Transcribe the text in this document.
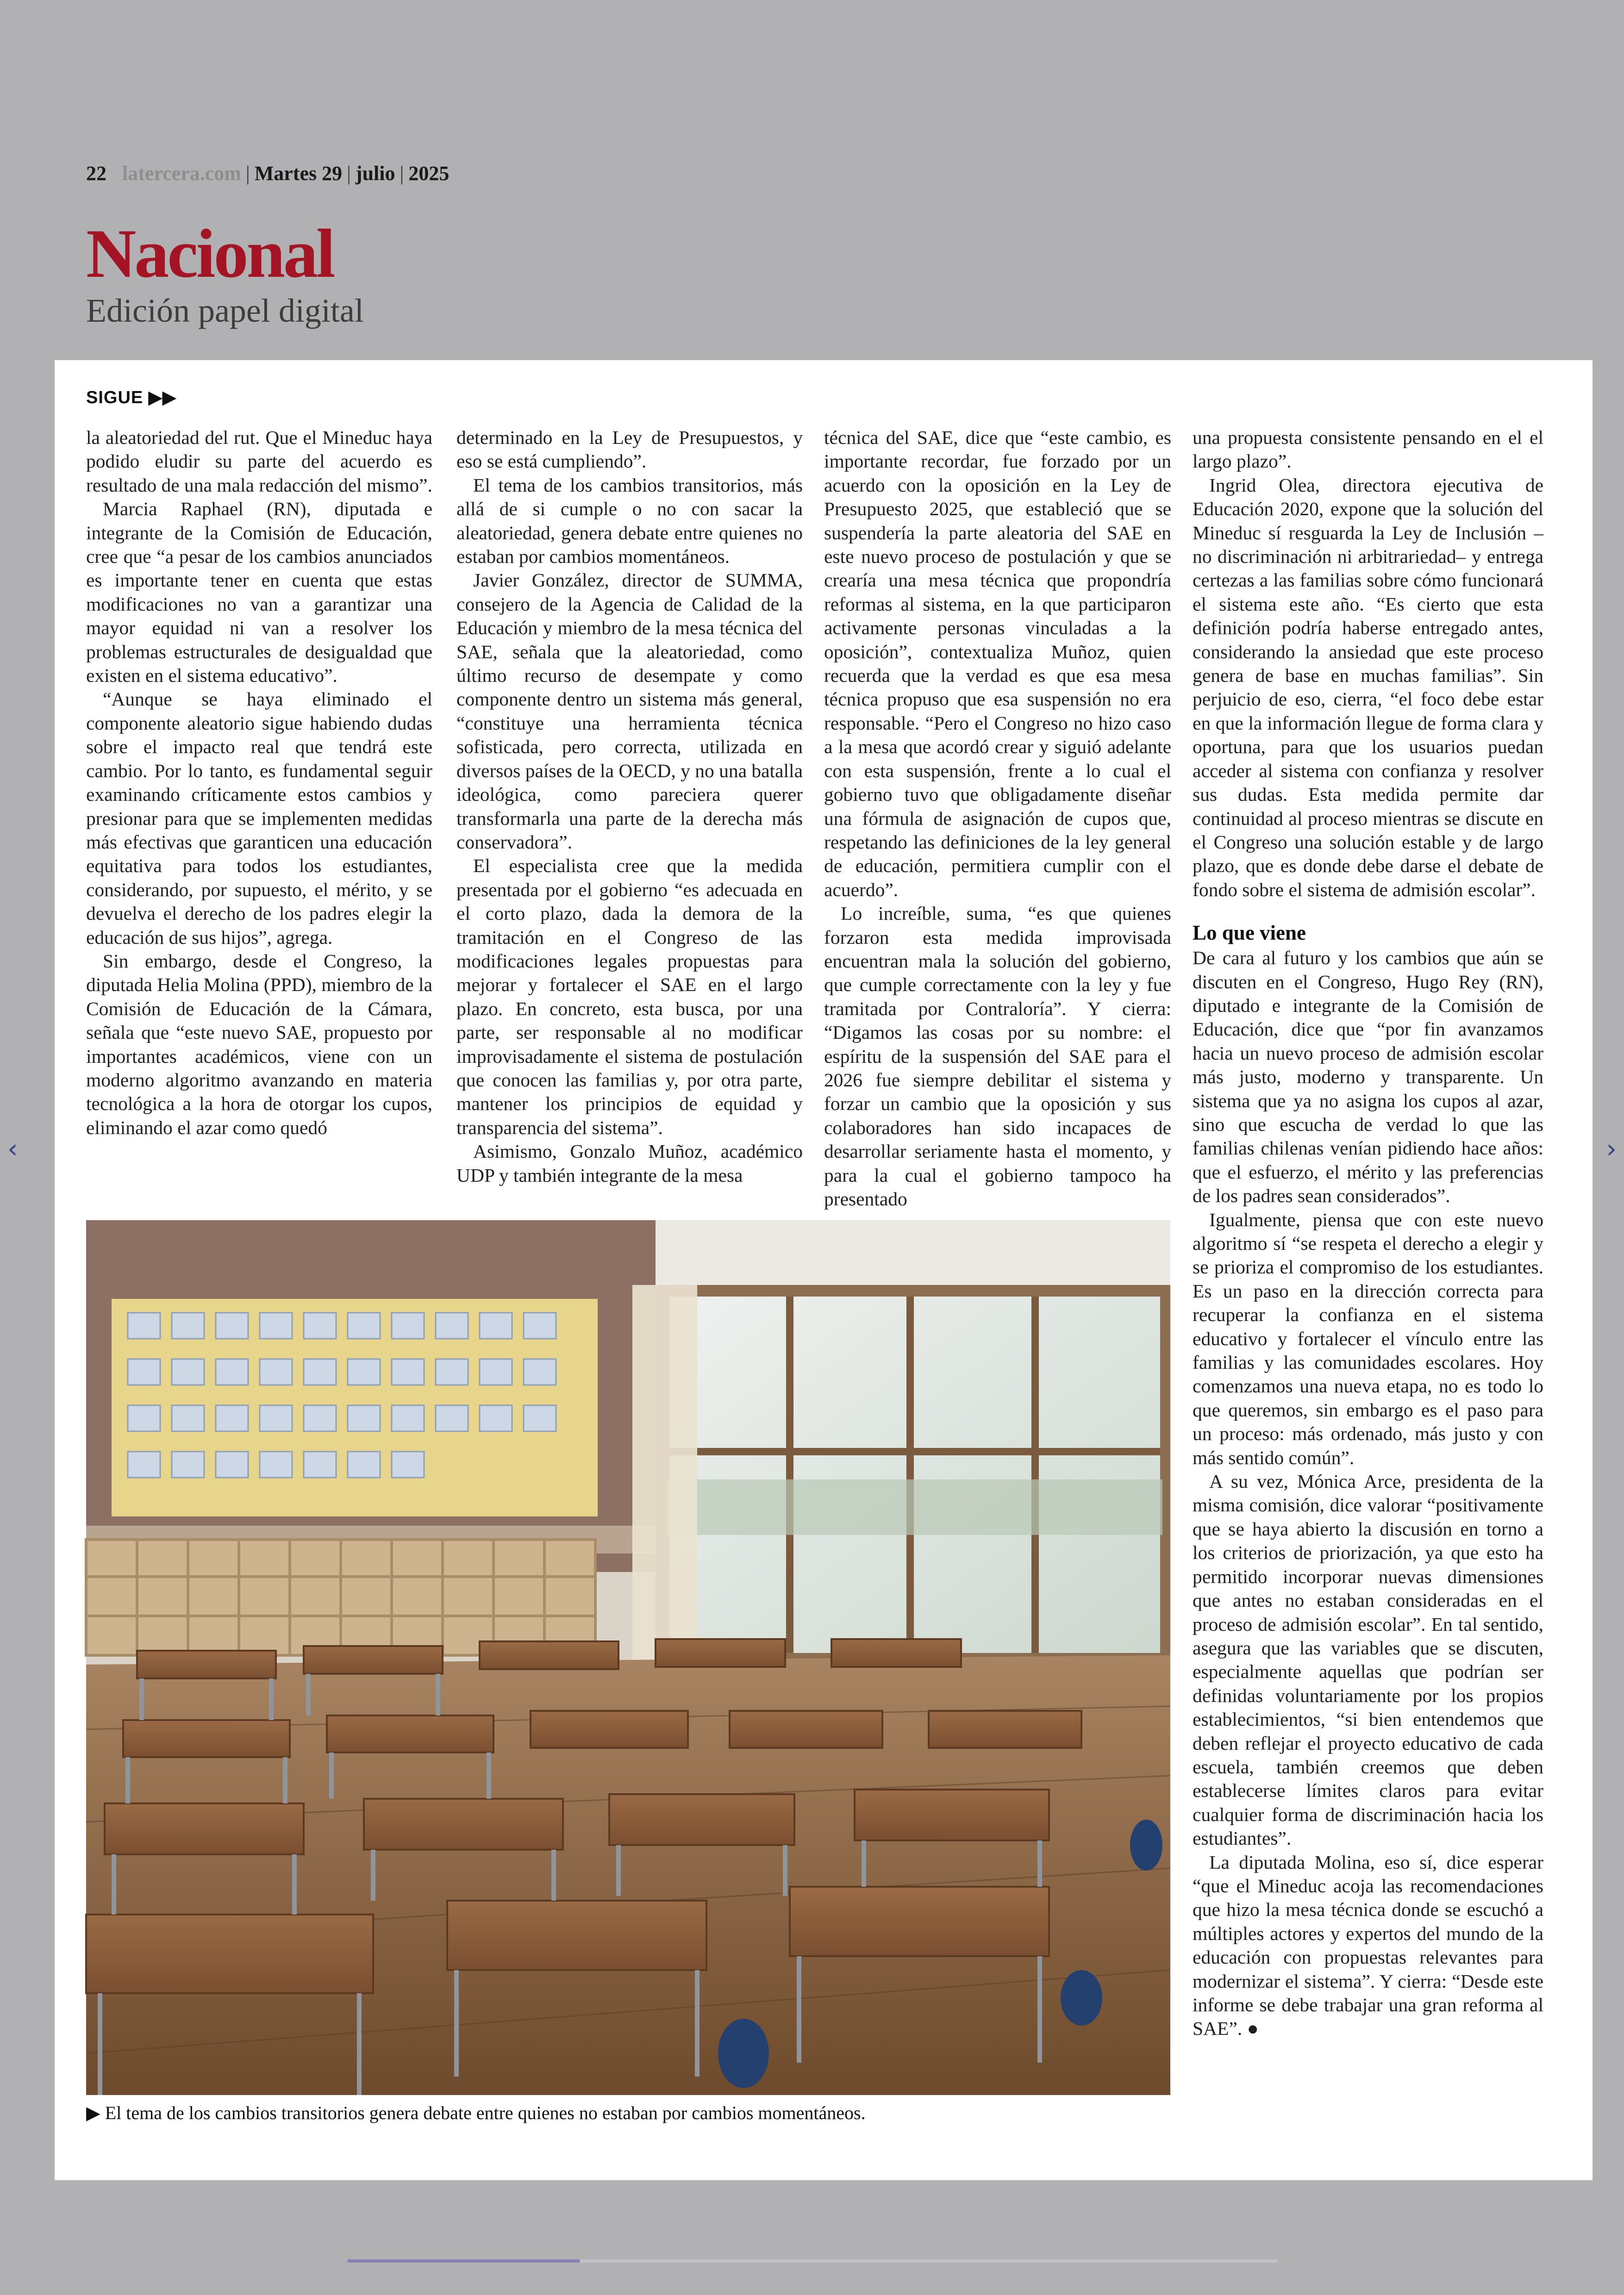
22 latercera.com | Martes 29 | julio | 2025
Nacional
Edición papel digital
SIGUE ▶▶

la aleatoriedad del rut. Que el Mineduc haya podido eludir su parte del acuerdo es resultado de una mala redacción del mismo”.

Marcia Raphael (RN), diputada e integrante de la Comisión de Educación, cree que “a pesar de los cambios anunciados es importante tener en cuenta que estas modificaciones no van a garantizar una mayor equidad ni van a resolver los problemas estructurales de desigualdad que existen en el sistema educativo”.

“Aunque se haya eliminado el componente aleatorio sigue habiendo dudas sobre el impacto real que tendrá este cambio. Por lo tanto, es fundamental seguir examinando críticamente estos cambios y presionar para que se implementen medidas más efectivas que garanticen una educación equitativa para todos los estudiantes, considerando, por supuesto, el mérito, y se devuelva el derecho de los padres elegir la educación de sus hijos”, agrega.

Sin embargo, desde el Congreso, la diputada Helia Molina (PPD), miembro de la Comisión de Educación de la Cámara, señala que “este nuevo SAE, propuesto por importantes académicos, viene con un moderno algoritmo avanzando en materia tecnológica a la hora de otorgar los cupos, eliminando el azar como quedó

determinado en la Ley de Presupuestos, y eso se está cumpliendo”.

El tema de los cambios transitorios, más allá de si cumple o no con sacar la aleatoriedad, genera debate entre quienes no estaban por cambios momentáneos.

Javier González, director de SUMMA, consejero de la Agencia de Calidad de la Educación y miembro de la mesa técnica del SAE, señala que la aleatoriedad, como último recurso de desempate y como componente dentro un sistema más general, “constituye una herramienta técnica sofisticada, pero correcta, utilizada en diversos países de la OECD, y no una batalla ideológica, como pareciera querer transformarla una parte de la derecha más conservadora”.

El especialista cree que la medida presentada por el gobierno “es adecuada en el corto plazo, dada la demora de la tramitación en el Congreso de las modificaciones legales propuestas para mejorar y fortalecer el SAE en el largo plazo. En concreto, esta busca, por una parte, ser responsable al no modificar improvisadamente el sistema de postulación que conocen las familias y, por otra parte, mantener los principios de equidad y transparencia del sistema”.

Asimismo, Gonzalo Muñoz, académico UDP y también integrante de la mesa

técnica del SAE, dice que “este cambio, es importante recordar, fue forzado por un acuerdo con la oposición en la Ley de Presupuesto 2025, que estableció que se suspendería la parte aleatoria del SAE en este nuevo proceso de postulación y que se crearía una mesa técnica que propondría reformas al sistema, en la que participaron activamente personas vinculadas a la oposición”, contextualiza Muñoz, quien recuerda que la verdad es que esa mesa técnica propuso que esa suspensión no era responsable. “Pero el Congreso no hizo caso a la mesa que acordó crear y siguió adelante con esta suspensión, frente a lo cual el gobierno tuvo que obligadamente diseñar una fórmula de asignación de cupos que, respetando las definiciones de la ley general de educación, permitiera cumplir con el acuerdo”.

Lo increíble, suma, “es que quienes forzaron esta medida improvisada encuentran mala la solución del gobierno, que cumple correctamente con la ley y fue tramitada por Contraloría”. Y cierra: “Digamos las cosas por su nombre: el espíritu de la suspensión del SAE para el 2026 fue siempre debilitar el sistema y forzar un cambio que la oposición y sus colaboradores han sido incapaces de desarrollar seriamente hasta el momento, y para la cual el gobierno tampoco ha presentado

una propuesta consistente pensando en el el largo plazo”.

Ingrid Olea, directora ejecutiva de Educación 2020, expone que la solución del Mineduc sí resguarda la Ley de Inclusión –no discriminación ni arbitrariedad– y entrega certezas a las familias sobre cómo funcionará el sistema este año. “Es cierto que esta definición podría haberse entregado antes, considerando la ansiedad que este proceso genera de base en muchas familias”. Sin perjuicio de eso, cierra, “el foco debe estar en que la información llegue de forma clara y oportuna, para que los usuarios puedan acceder al sistema con confianza y resolver sus dudas. Esta medida permite dar continuidad al proceso mientras se discute en el Congreso una solución estable y de largo plazo, que es donde debe darse el debate de fondo sobre el sistema de admisión escolar”.

Lo que viene

De cara al futuro y los cambios que aún se discuten en el Congreso, Hugo Rey (RN), diputado e integrante de la Comisión de Educación, dice que “por fin avanzamos hacia un nuevo proceso de admisión escolar más justo, moderno y transparente. Un sistema que ya no asigna los cupos al azar, sino que escucha de verdad lo que las familias chilenas venían pidiendo hace años: que el esfuerzo, el mérito y las preferencias de los padres sean considerados”.

Igualmente, piensa que con este nuevo algoritmo sí “se respeta el derecho a elegir y se prioriza el compromiso de los estudiantes. Es un paso en la dirección correcta para recuperar la confianza en el sistema educativo y fortalecer el vínculo entre las familias y las comunidades escolares. Hoy comenzamos una nueva etapa, no es todo lo que queremos, sin embargo es el paso para un proceso: más ordenado, más justo y con más sentido común”.

A su vez, Mónica Arce, presidenta de la misma comisión, dice valorar “positivamente que se haya abierto la discusión en torno a los criterios de priorización, ya que esto ha permitido incorporar nuevas dimensiones que antes no estaban consideradas en el proceso de admisión escolar”. En tal sentido, asegura que las variables que se discuten, especialmente aquellas que podrían ser definidas voluntariamente por los propios establecimientos, “si bien entendemos que deben reflejar el proyecto educativo de cada escuela, también creemos que deben establecerse límites claros para evitar cualquier forma de discriminación hacia los estudiantes”.

La diputada Molina, eso sí, dice esperar “que el Mineduc acoja las recomendaciones que hizo la mesa técnica donde se escuchó a múltiples actores y expertos del mundo de la educación con propuestas relevantes para modernizar el sistema”. Y cierra: “Desde este informe se debe trabajar una gran reforma al SAE”. ●

▶ El tema de los cambios transitorios genera debate entre quienes no estaban por cambios momentáneos.
‹	›
